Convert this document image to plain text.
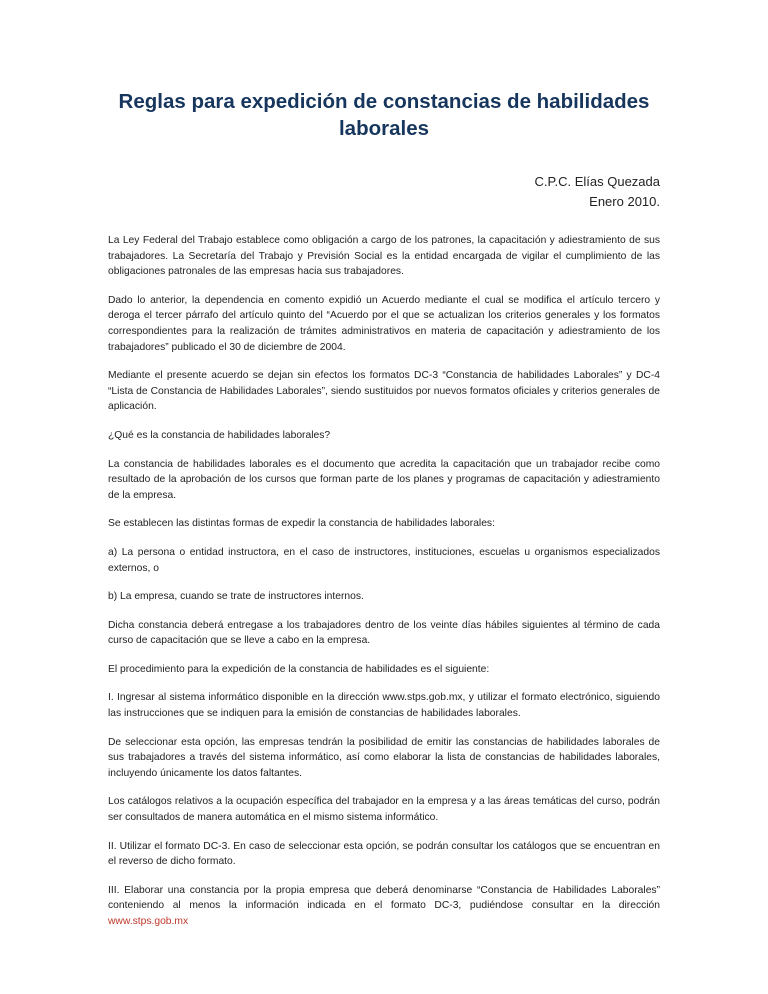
Reglas para expedición de constancias de habilidades laborales
C.P.C. Elías Quezada
Enero 2010.

La Ley Federal del Trabajo establece como obligación a cargo de los patrones, la capacitación y adiestramiento de sus trabajadores. La Secretaría del Trabajo y Previsión Social es la entidad encargada de vigilar el cumplimiento de las obligaciones patronales de las empresas hacia sus trabajadores.

Dado lo anterior, la dependencia en comento expidió un Acuerdo mediante el cual se modifica el artículo tercero y deroga el tercer párrafo del artículo quinto del “Acuerdo por el que se actualizan los criterios generales y los formatos correspondientes para la realización de trámites administrativos en materia de capacitación y adiestramiento de los trabajadores” publicado el 30 de diciembre de 2004.

Mediante el presente acuerdo se dejan sin efectos los formatos DC-3 “Constancia de habilidades Laborales” y DC-4 “Lista de Constancia de Habilidades Laborales”, siendo sustituidos por nuevos formatos oficiales y criterios generales de aplicación.

¿Qué es la constancia de habilidades laborales?

La constancia de habilidades laborales es el documento que acredita la capacitación que un trabajador recibe como resultado de la aprobación de los cursos que forman parte de los planes y programas de capacitación y adiestramiento de la empresa.

Se establecen las distintas formas de expedir la constancia de habilidades laborales:

a) La persona o entidad instructora, en el caso de instructores, instituciones, escuelas u organismos especializados externos, o

b) La empresa, cuando se trate de instructores internos.

Dicha constancia deberá entregase a los trabajadores dentro de los veinte días hábiles siguientes al término de cada curso de capacitación que se lleve a cabo en la empresa.

El procedimiento para la expedición de la constancia de habilidades es el siguiente:

I. Ingresar al sistema informático disponible en la dirección www.stps.gob.mx, y utilizar el formato electrónico, siguiendo las instrucciones que se indiquen para la emisión de constancias de habilidades laborales.

De seleccionar esta opción, las empresas tendrán la posibilidad de emitir las constancias de habilidades laborales de sus trabajadores a través del sistema informático, así como elaborar la lista de constancias de habilidades laborales, incluyendo únicamente los datos faltantes.

Los catálogos relativos a la ocupación específica del trabajador en la empresa y a las áreas temáticas del curso, podrán ser consultados de manera automática en el mismo sistema informático.

II. Utilizar el formato DC-3. En caso de seleccionar esta opción, se podrán consultar los catálogos que se encuentran en el reverso de dicho formato.

III. Elaborar una constancia por la propia empresa que deberá denominarse “Constancia de Habilidades Laborales” conteniendo al menos la información indicada en el formato DC-3, pudiéndose consultar en la dirección www.stps.gob.mx
